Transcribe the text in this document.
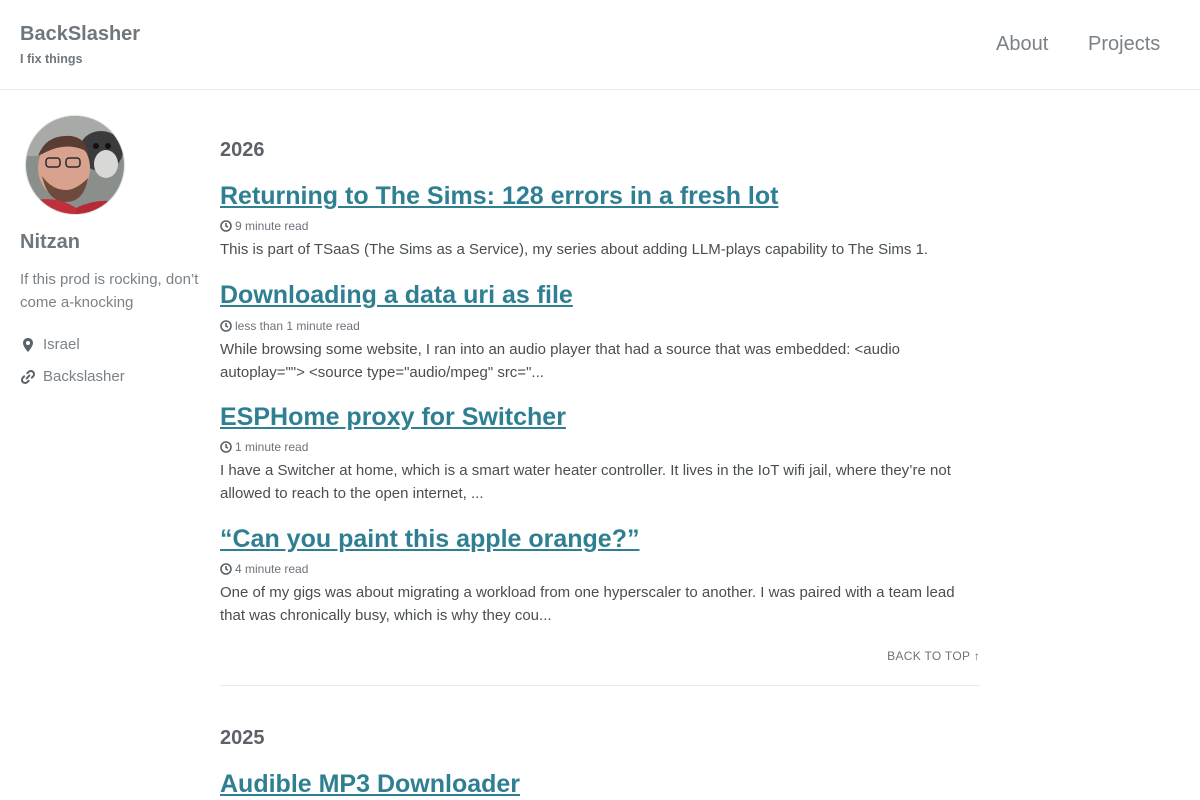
BackSlasher
I fix things
About Projects
Nitzan
If this prod is rocking, don’t come a-knocking
Israel
Backslasher
2026
Returning to The Sims: 128 errors in a fresh lot
9 minute read

This is part of TSaaS (The Sims as a Service), my series about adding LLM-plays capability to The Sims 1.

Downloading a data uri as file
less than 1 minute read

While browsing some website, I ran into an audio player that had a source that was embedded: <audio autoplay=""> <source type="audio/mpeg" src="...

ESPHome proxy for Switcher
1 minute read

I have a Switcher at home, which is a smart water heater controller. It lives in the IoT wifi jail, where they’re not allowed to reach to the open internet, ...

“Can you paint this apple orange?”
4 minute read

One of my gigs was about migrating a workload from one hyperscaler to another. I was paired with a team lead that was chronically busy, which is why they cou...

BACK TO TOP ↑
2025
Audible MP3 Downloader
